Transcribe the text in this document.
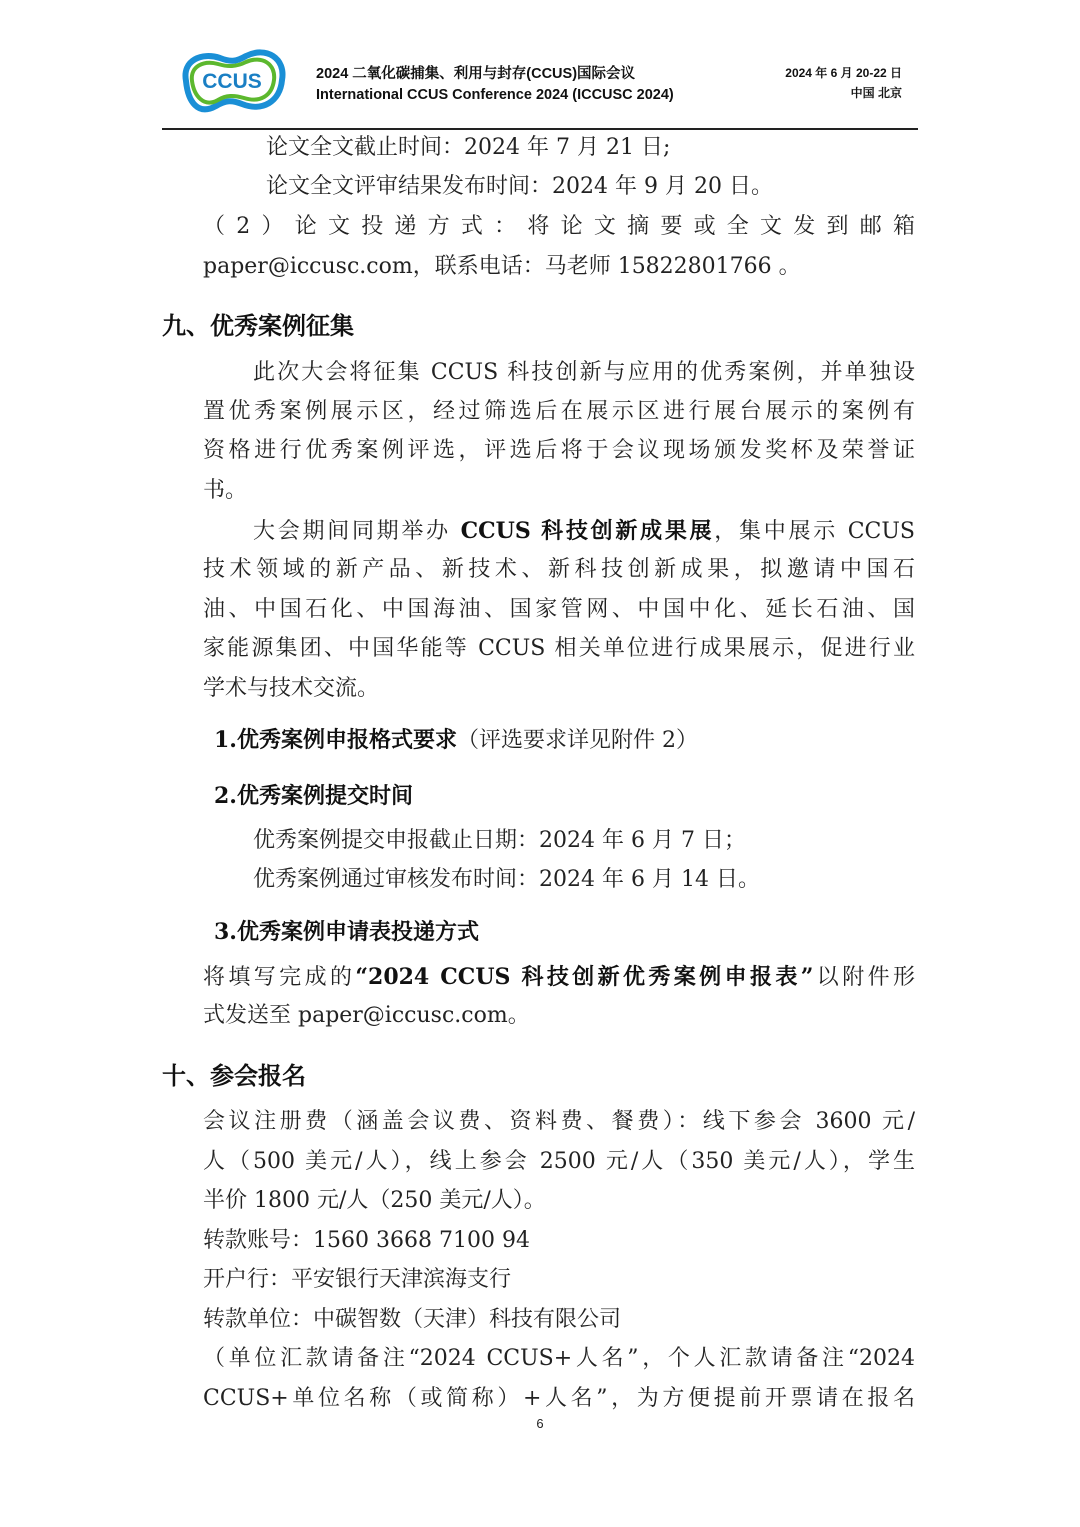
CCUS	2024 二氧化碳捕集、利用与封存(CCUS)国际会议
International CCUS Conference 2024 (ICCUSC 2024)
2024 年 6 月 20-22 日
中国 北京
论文全文截止时间：2024 年 7 月 21 日;
论文全文评审结果发布时间：2024 年 9 月 20 日。
（2）论文投递方式：将论文摘要或全文发到邮箱
paper@iccusc.com，联系电话：马老师 15822801766 。
九、优秀案例征集
此次大会将征集 CCUS 科技创新与应用的优秀案例，并单独设
置优秀案例展示区，经过筛选后在展示区进行展台展示的案例有
资格进行优秀案例评选，评选后将于会议现场颁发奖杯及荣誉证
书。
大会期间同期举办 CCUS 科技创新成果展，集中展示 CCUS
技术领域的新产品、新技术、新科技创新成果，拟邀请中国石
油、中国石化、中国海油、国家管网、中国中化、延长石油、国
家能源集团、中国华能等 CCUS 相关单位进行成果展示，促进行业
学术与技术交流。
1.优秀案例申报格式要求（评选要求详见附件 2）
2.优秀案例提交时间
优秀案例提交申报截止日期：2024 年 6 月 7 日；
优秀案例通过审核发布时间：2024 年 6 月 14 日。
3.优秀案例申请表投递方式
将填写完成的“2024 CCUS 科技创新优秀案例申报表”以附件形
式发送至 paper@iccusc.com。
十、参会报名
会议注册费（涵盖会议费、资料费、餐费）：线下参会 3600 元/
人（500 美元/人），线上参会 2500 元/人（350 美元/人），学生
半价 1800 元/人（250 美元/人）。
转款账号：1560 3668 7100 94
开户行：平安银行天津滨海支行
转款单位：中碳智数（天津）科技有限公司
（单位汇款请备注“2024 CCUS+人名”，个人汇款请备注“2024
CCUS+单位名称（或简称）+人名”，为方便提前开票请在报名
6
